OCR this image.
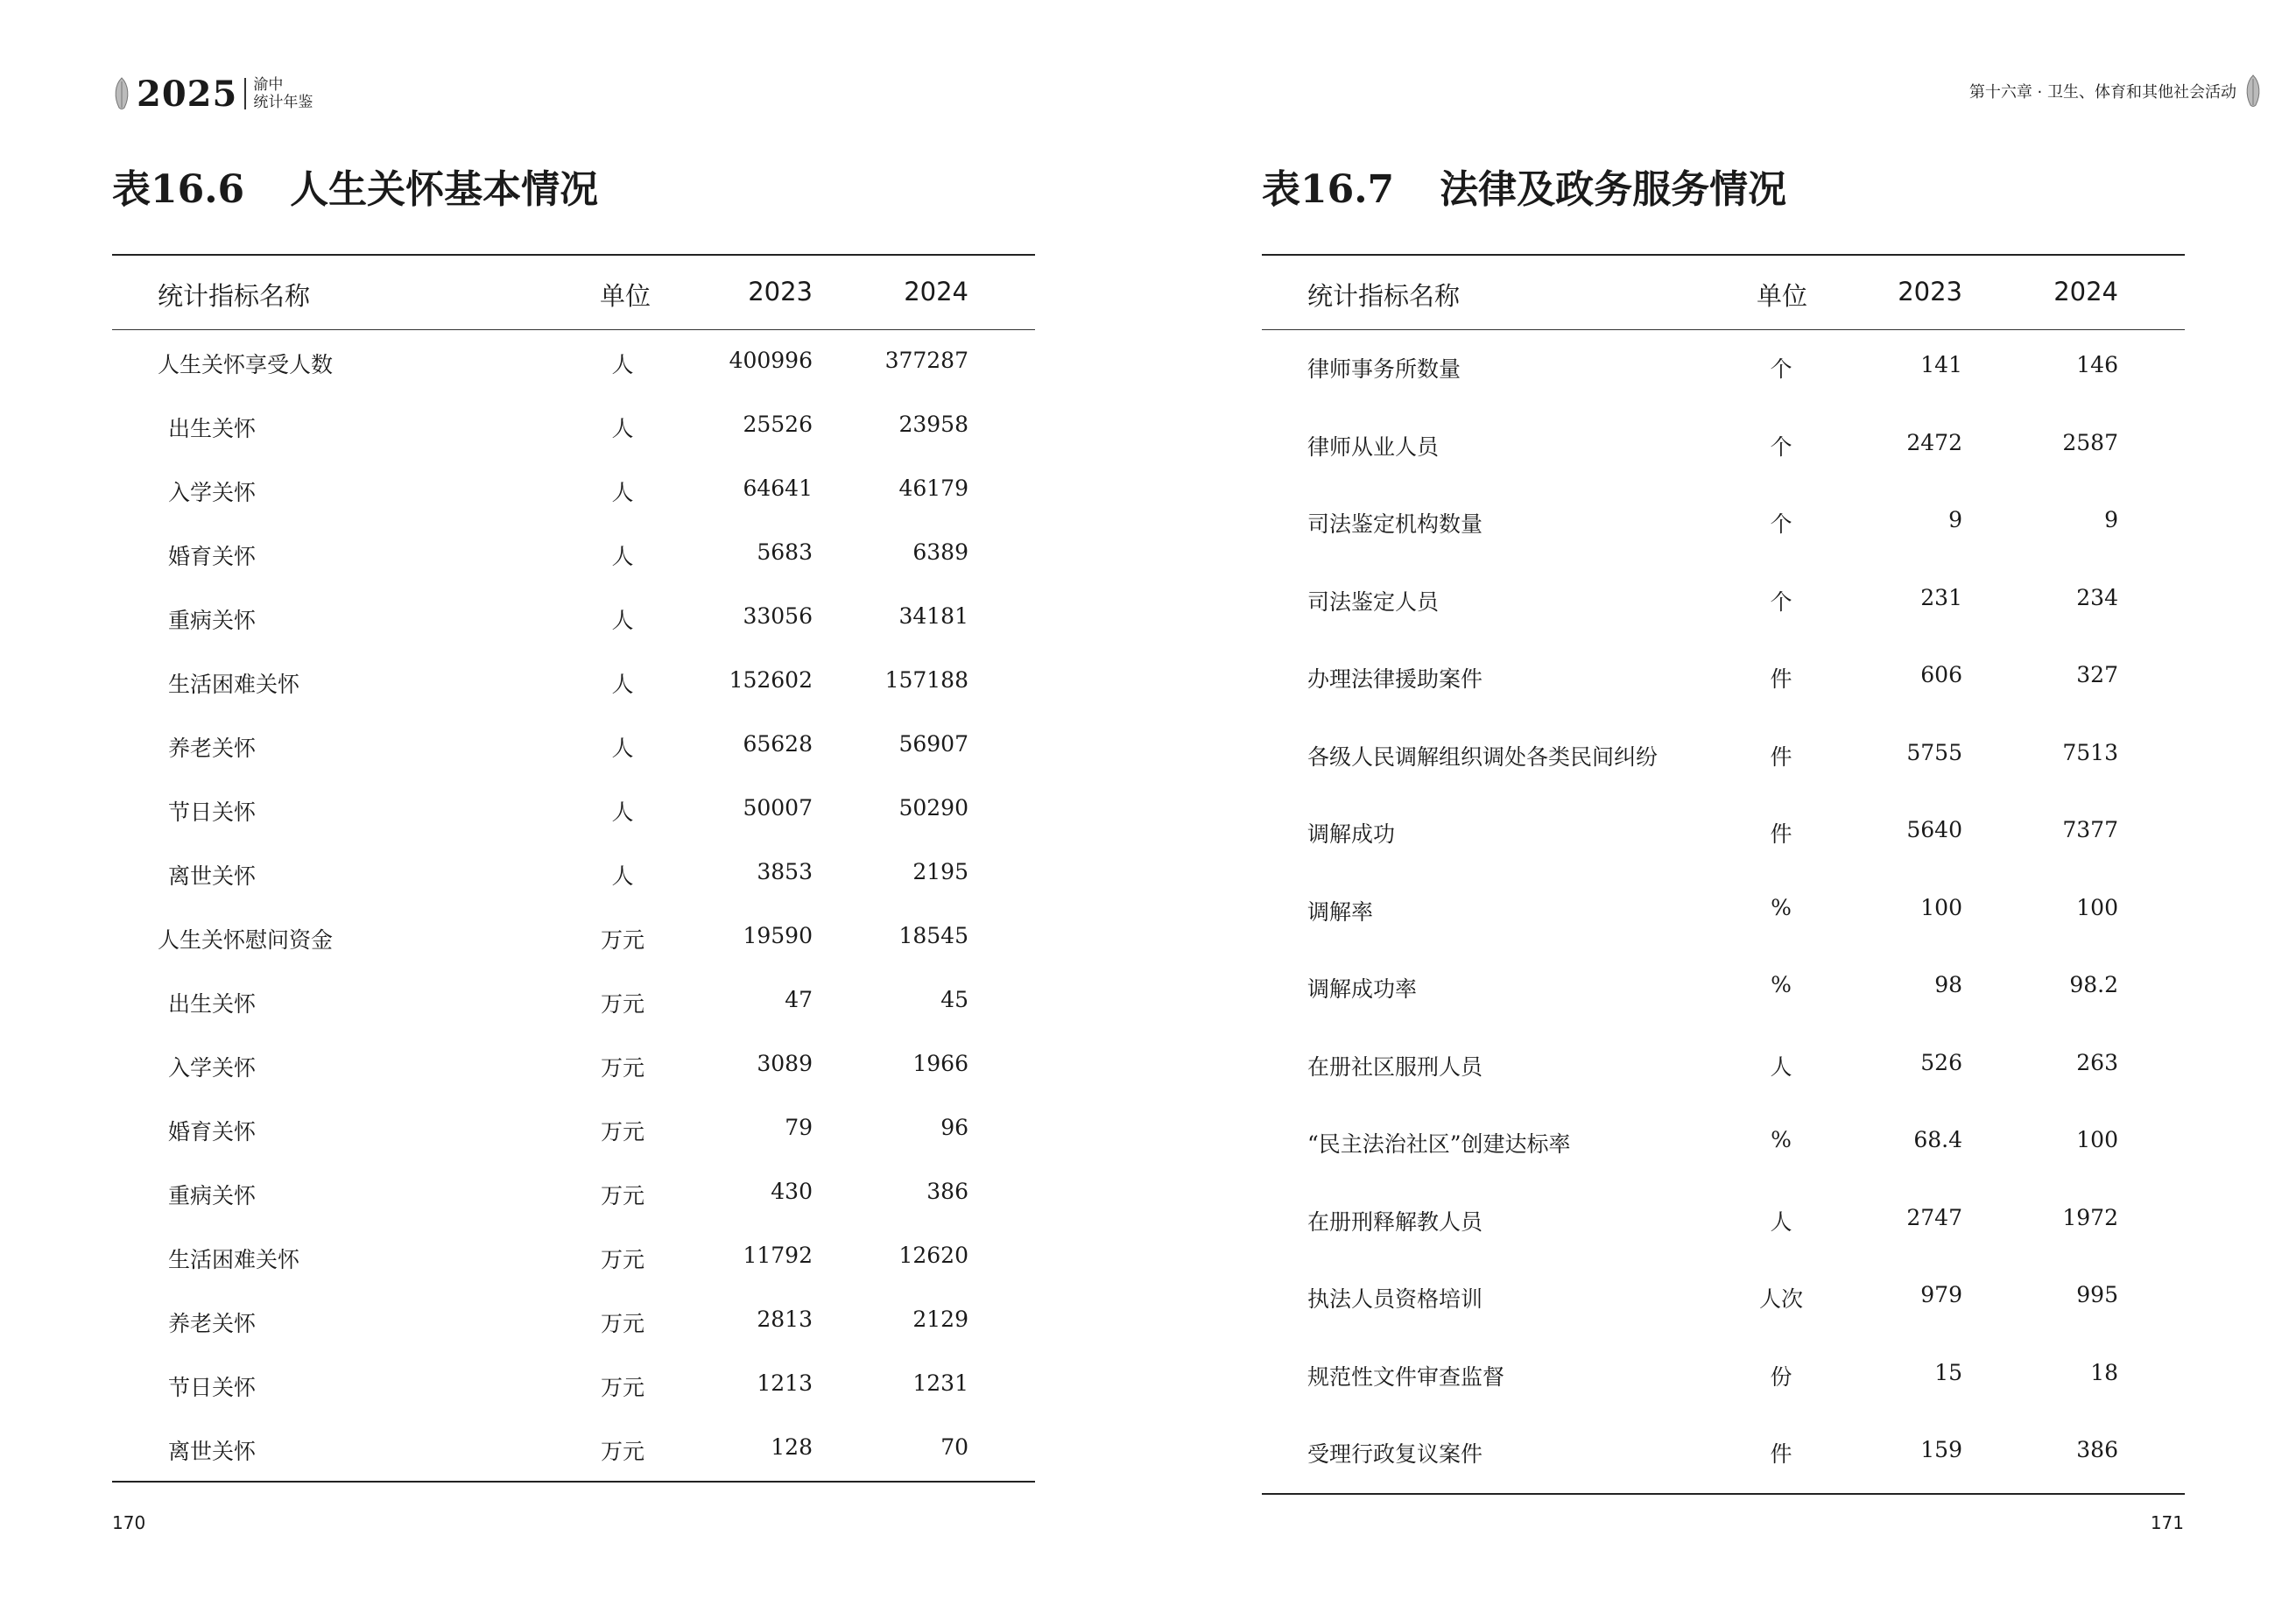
2025 渝中
统计年鉴
表16.6 人生关怀基本情况
统计指标名称	单位	2023	2024
人生关怀享受人数	人	400996	377287
出生关怀	人	25526	23958
入学关怀	人	64641	46179
婚育关怀	人	5683	6389
重病关怀	人	33056	34181
生活困难关怀	人	152602	157188
养老关怀	人	65628	56907
节日关怀	人	50007	50290
离世关怀	人	3853	2195
人生关怀慰问资金	万元	19590	18545
出生关怀	万元	47	45
入学关怀	万元	3089	1966
婚育关怀	万元	79	96
重病关怀	万元	430	386
生活困难关怀	万元	11792	12620
养老关怀	万元	2813	2129
节日关怀	万元	1213	1231
离世关怀	万元	128	70
170
第十六章 · 卫生、体育和其他社会活动
表16.7 法律及政务服务情况
统计指标名称	单位	2023	2024
律师事务所数量	个	141	146
律师从业人员	个	2472	2587
司法鉴定机构数量	个	9	9
司法鉴定人员	个	231	234
办理法律援助案件	件	606	327
各级人民调解组织调处各类民间纠纷	件	5755	7513
调解成功	件	5640	7377
调解率	%	100	100
调解成功率	%	98	98.2
在册社区服刑人员	人	526	263
“民主法治社区”创建达标率	%	68.4	100
在册刑释解教人员	人	2747	1972
执法人员资格培训	人次	979	995
规范性文件审查监督	份	15	18
受理行政复议案件	件	159	386
171
